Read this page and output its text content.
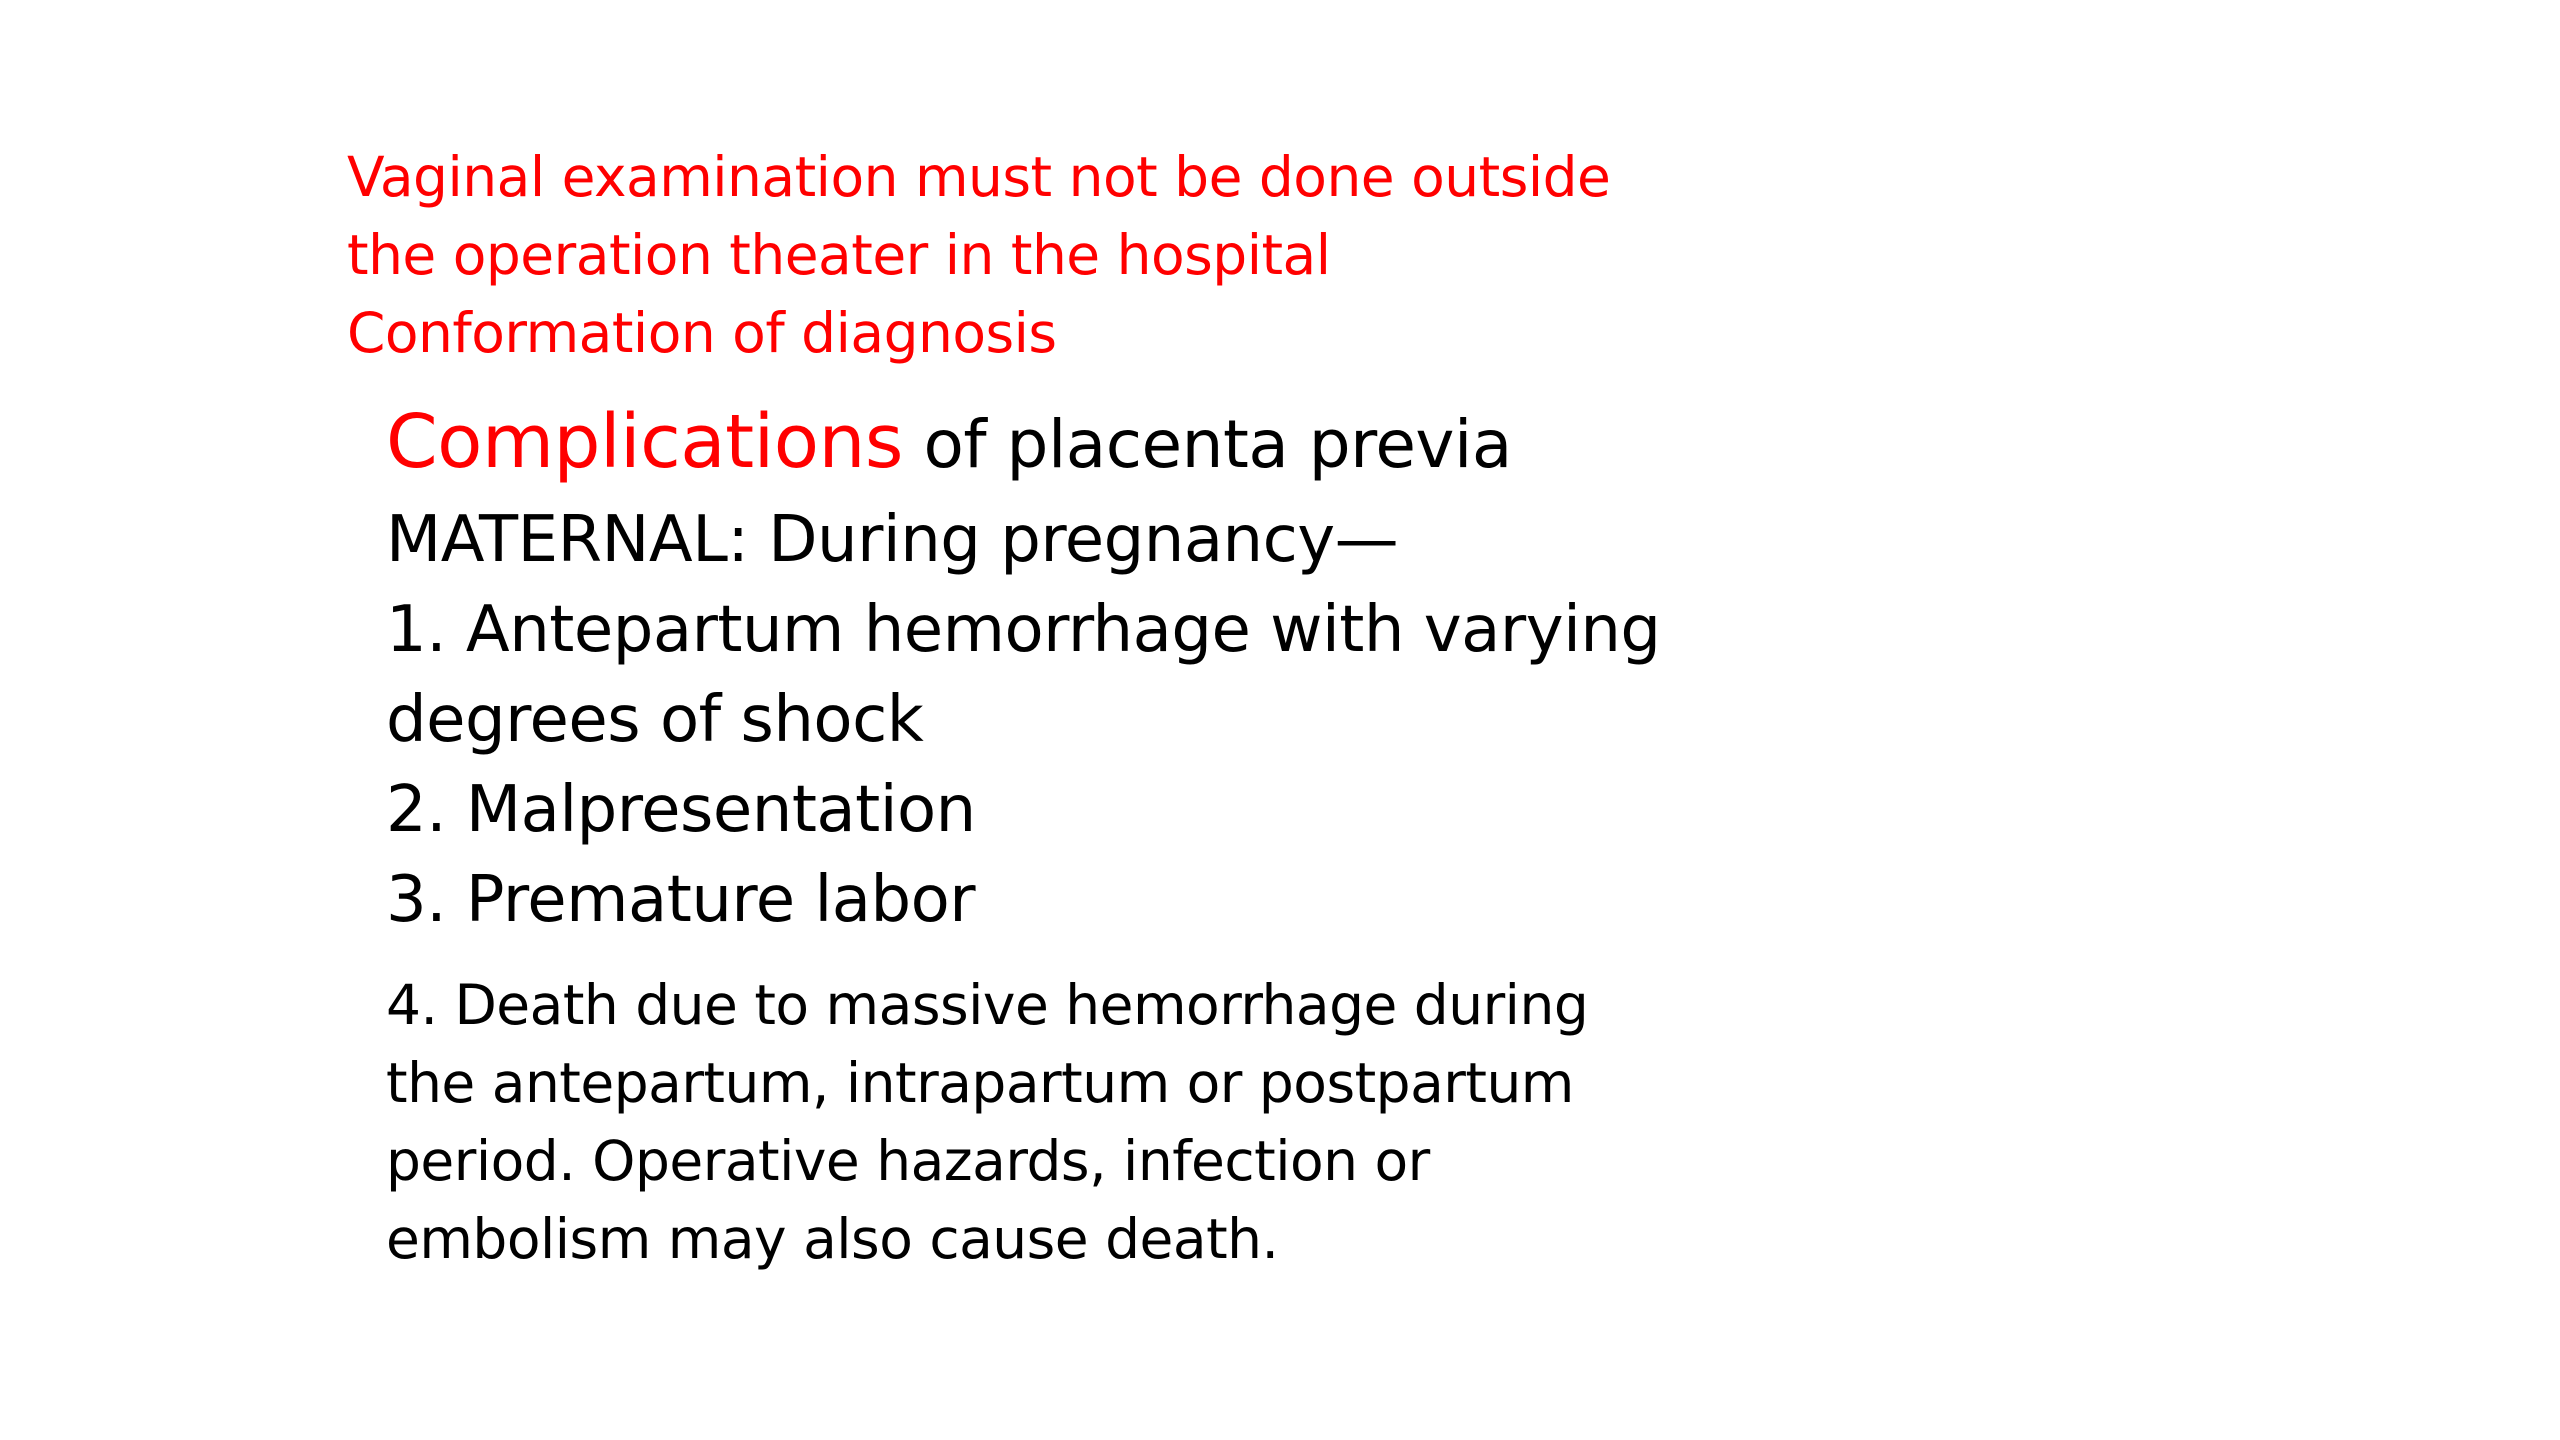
Vaginal examination must not be done outside
the operation theater in the hospital
Conformation of diagnosis
Complications of placenta previa
MATERNAL: During pregnancy—
1. Antepartum hemorrhage with varying
degrees of shock
2. Malpresentation
3. Premature labor
4. Death due to massive hemorrhage during
the antepartum, intrapartum or postpartum
period. Operative hazards, infection or
embolism may also cause death.
